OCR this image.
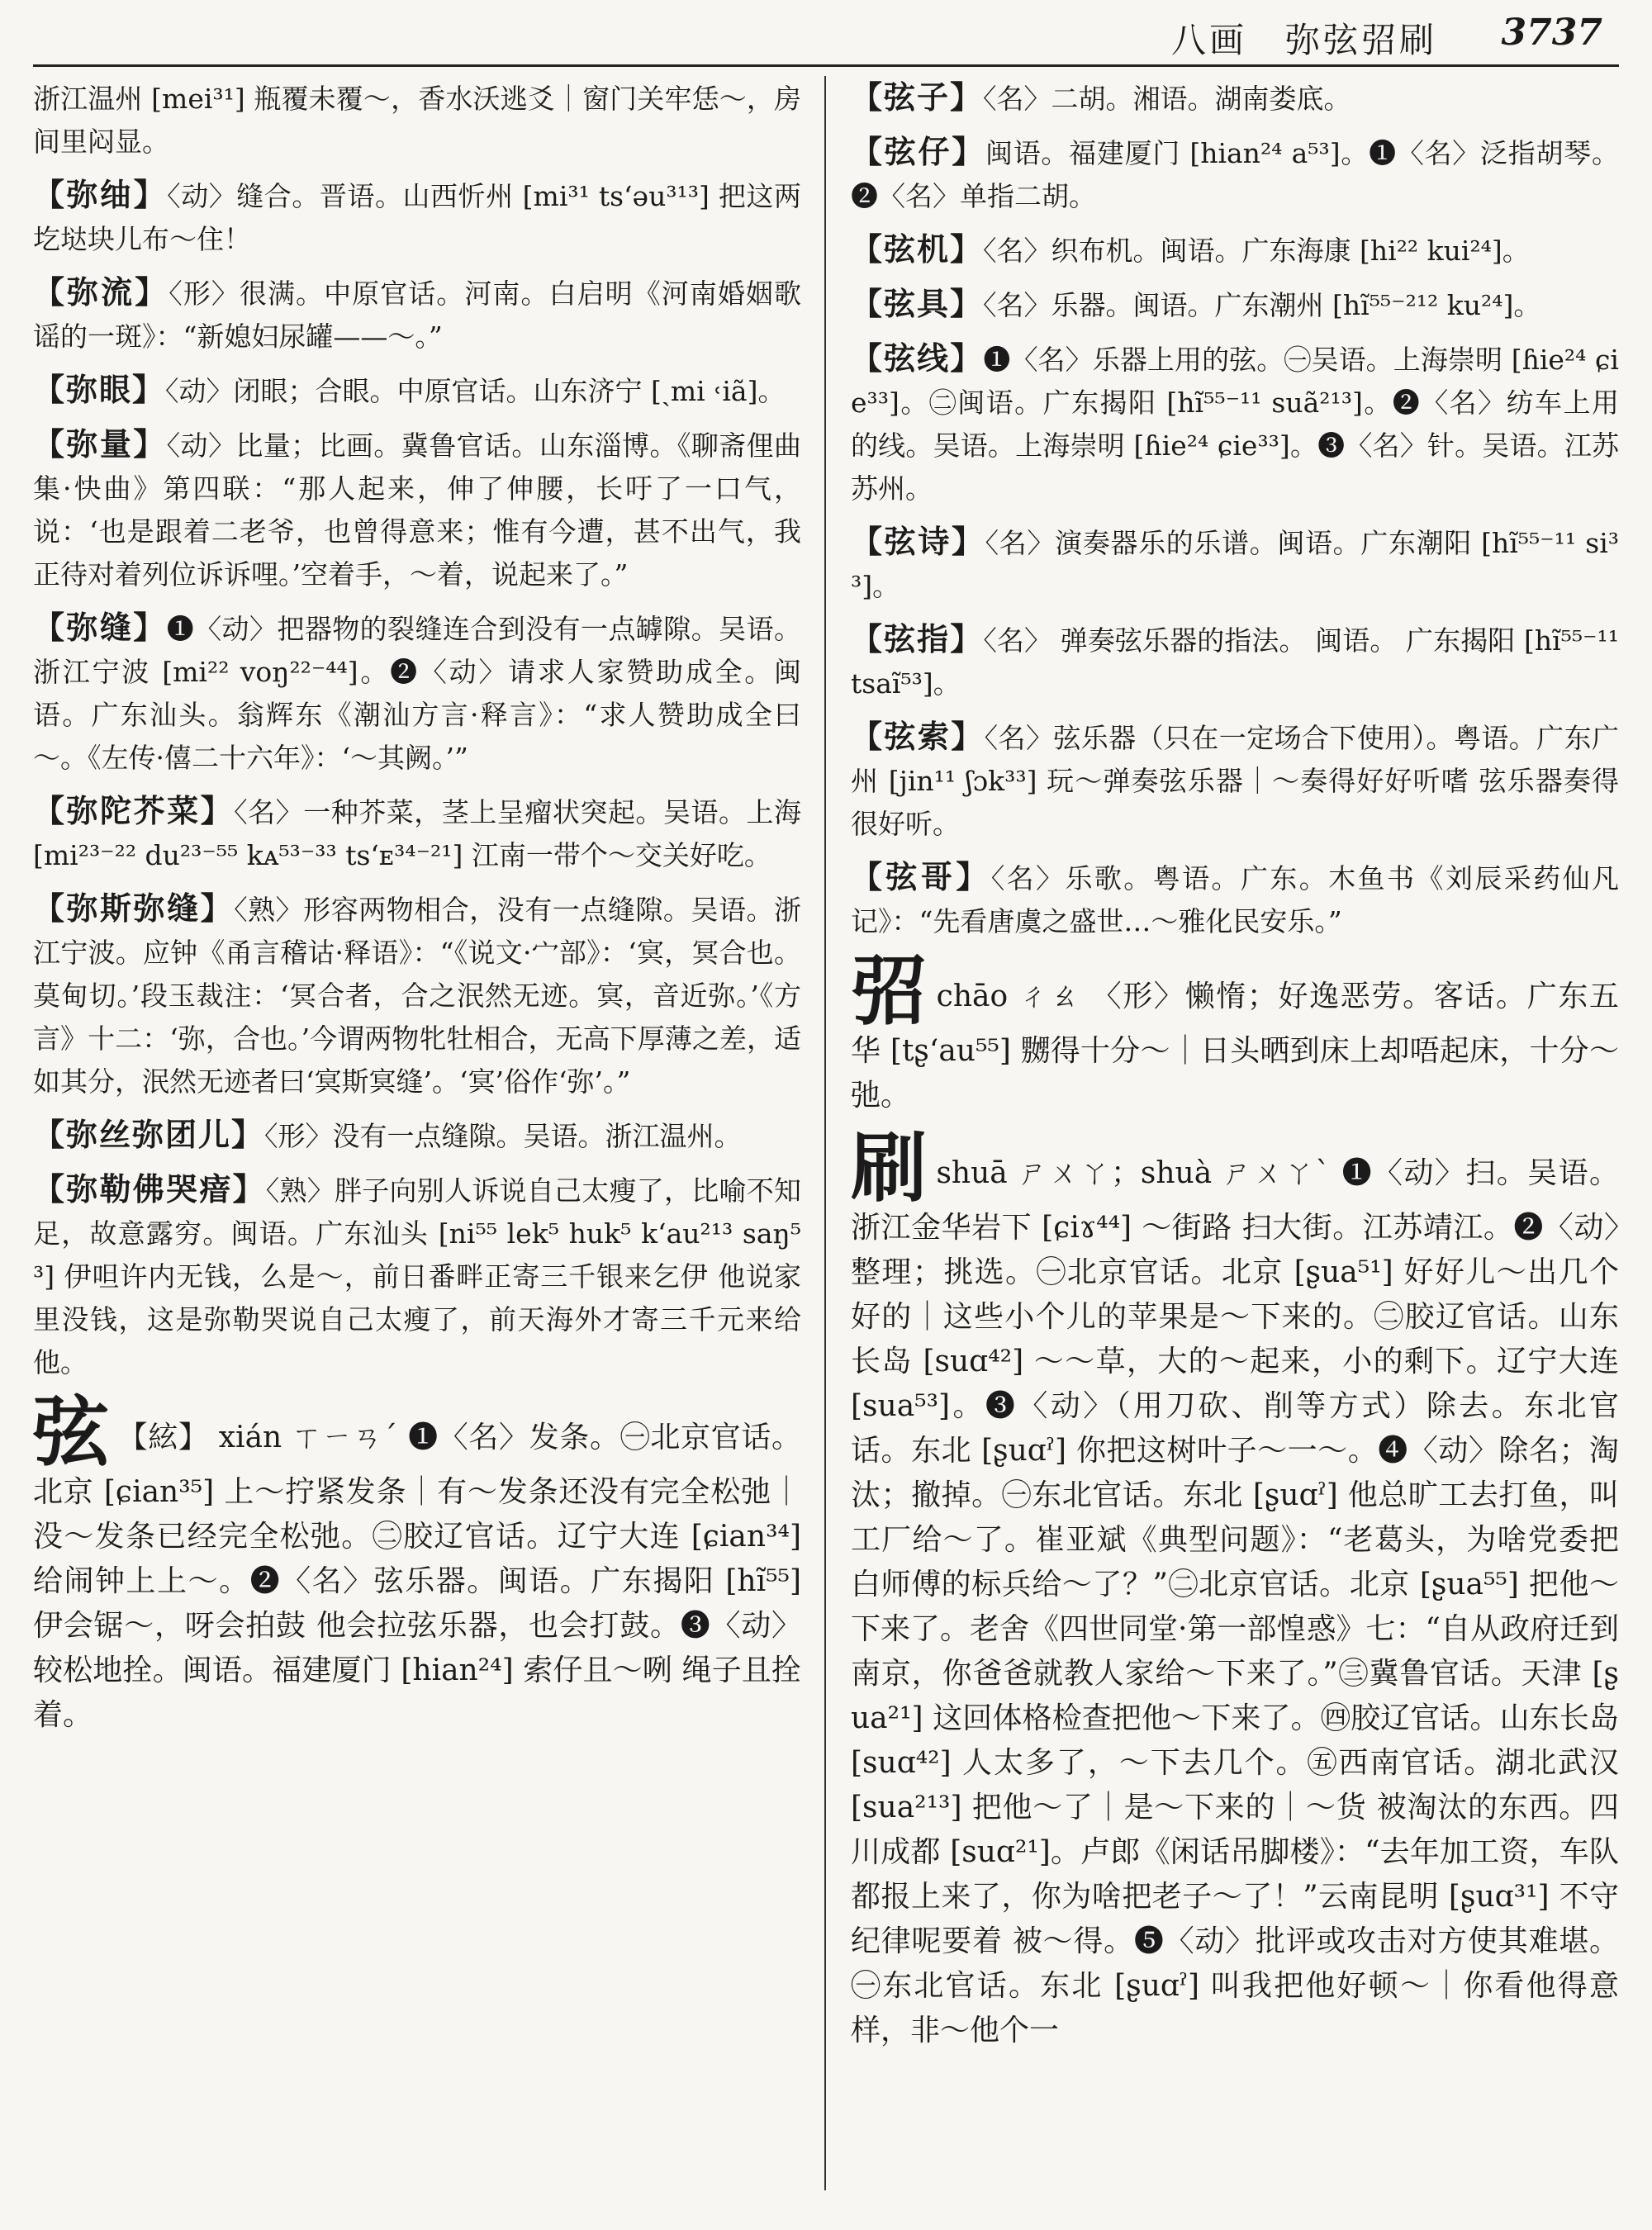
八画　弥弦弨刷 3737

浙江温州 [mei³¹] 瓶覆未覆～，香水沃逃爻｜窗门关牢恁～，房间里闷显。

【弥䌷】〈动〉缝合。晋语。山西忻州 [mi³¹ tsʻəu³¹³] 把这两圪垯块儿布～住！

【弥流】〈形〉很满。中原官话。河南。白启明《河南婚姻歌谣的一斑》：“新媳妇尿罐——～。”

【弥眼】〈动〉闭眼；合眼。中原官话。山东济宁 [ˏmi ˓iã]。

【弥量】〈动〉比量；比画。冀鲁官话。山东淄博。《聊斋俚曲集·快曲》第四联：“那人起来，伸了伸腰，长吁了一口气，说：‘也是跟着二老爷，也曾得意来；惟有今遭，甚不出气，我正待对着列位诉诉哩。’空着手，～着，说起来了。”

【弥缝】❶〈动〉把器物的裂缝连合到没有一点罅隙。吴语。浙江宁波 [mi²² voŋ²²⁻⁴⁴]。❷〈动〉请求人家赞助成全。闽语。广东汕头。翁辉东《潮汕方言·释言》：“求人赞助成全曰～。《左传·僖二十六年》：‘～其阙。’”

【弥陀芥菜】〈名〉一种芥菜，茎上呈瘤状突起。吴语。上海 [mi²³⁻²² du²³⁻⁵⁵ kᴀ⁵³⁻³³ tsʻᴇ³⁴⁻²¹] 江南一带个～交关好吃。

【弥斯弥缝】〈熟〉形容两物相合，没有一点缝隙。吴语。浙江宁波。应钟《甬言稽诂·释语》：“《说文·宀部》：‘㝠，冥合也。莫甸切。’段玉裁注：‘冥合者，合之泯然无迹。㝠，音近弥。’《方言》十二：‘弥，合也。’今谓两物牝牡相合，无高下厚薄之差，适如其分，泯然无迹者曰‘㝠斯㝠缝’。‘㝠’俗作‘弥’。”

【弥丝弥团儿】〈形〉没有一点缝隙。吴语。浙江温州。

【弥勒佛哭瘖】〈熟〉胖子向别人诉说自己太瘦了，比喻不知足，故意露穷。闽语。广东汕头 [ni⁵⁵ lek⁵ huk⁵ kʻau²¹³ saŋ⁵³] 伊呾许内无钱，么是～，前日番畔正寄三千银来乞伊 他说家里没钱，这是弥勒哭说自己太瘦了，前天海外才寄三千元来给他。

弦 【絃】 xián ㄒㄧㄢˊ ❶〈名〉发条。㊀北京官话。北京 [ɕian³⁵] 上～拧紧发条｜有～发条还没有完全松弛｜没～发条已经完全松弛。㊁胶辽官话。辽宁大连 [ɕian³⁴] 给闹钟上上～。❷〈名〉弦乐器。闽语。广东揭阳 [hĩ⁵⁵] 伊会锯～，呀会拍鼓 他会拉弦乐器，也会打鼓。❸〈动〉较松地拴。闽语。福建厦门 [hian²⁴] 索仔且～咧 绳子且拴着。

【弦子】〈名〉二胡。湘语。湖南娄底。

【弦仔】闽语。福建厦门 [hian²⁴ a⁵³]。❶〈名〉泛指胡琴。❷〈名〉单指二胡。

【弦机】〈名〉织布机。闽语。广东海康 [hi²² kui²⁴]。

【弦具】〈名〉乐器。闽语。广东潮州 [hĩ⁵⁵⁻²¹² ku²⁴]。

【弦线】❶〈名〉乐器上用的弦。㊀吴语。上海崇明 [ɦie²⁴ ɕie³³]。㊁闽语。广东揭阳 [hĩ⁵⁵⁻¹¹ suã²¹³]。❷〈名〉纺车上用的线。吴语。上海崇明 [ɦie²⁴ ɕie³³]。❸〈名〉针。吴语。江苏苏州。

【弦诗】〈名〉演奏器乐的乐谱。闽语。广东潮阳 [hĩ⁵⁵⁻¹¹ si³³]。

【弦指】〈名〉 弹奏弦乐器的指法。 闽语。 广东揭阳 [hĩ⁵⁵⁻¹¹ tsaĩ⁵³]。

【弦索】〈名〉弦乐器（只在一定场合下使用）。粤语。广东广州 [jin¹¹ ʃɔk³³] 玩～弹奏弦乐器｜～奏得好好听嗜 弦乐器奏得很好听。

【弦哥】〈名〉乐歌。粤语。广东。木鱼书《刘辰采药仙凡记》：“先看唐虞之盛世…～雅化民安乐。”

弨chāo ㄔㄠ 〈形〉懒惰；好逸恶劳。客话。广东五华 [tʂʻau⁵⁵] 嬲得十分～｜日头晒到床上却唔起床，十分～弛。

刷shuā ㄕㄨㄚ；shuà ㄕㄨㄚˋ ❶〈动〉扫。吴语。浙江金华岩下 [ɕiɤ⁴⁴] ～街路 扫大街。江苏靖江。❷〈动〉整理；挑选。㊀北京官话。北京 [ʂua⁵¹] 好好儿～出几个好的｜这些小个儿的苹果是～下来的。㊁胶辽官话。山东长岛 [suɑ⁴²] ～～草，大的～起来，小的剩下。辽宁大连 [sua⁵³]。❸〈动〉（用刀砍、削等方式）除去。东北官话。东北 [ʂuɑˀ] 你把这树叶子～一～。❹〈动〉除名；淘汰；撤掉。㊀东北官话。东北 [ʂuɑˀ] 他总旷工去打鱼，叫工厂给～了。崔亚斌《典型问题》：“老葛头，为啥党委把白师傅的标兵给～了？”㊁北京官话。北京 [ʂua⁵⁵] 把他～下来了。老舍《四世同堂·第一部惶惑》七：“自从政府迁到南京，你爸爸就教人家给～下来了。”㊂冀鲁官话。天津 [ʂua²¹] 这回体格检查把他～下来了。㊃胶辽官话。山东长岛 [suɑ⁴²] 人太多了，～下去几个。㊄西南官话。湖北武汉 [sua²¹³] 把他～了｜是～下来的｜～货 被淘汰的东西。四川成都 [suɑ²¹]。卢郎《闲话吊脚楼》：“去年加工资，车队都报上来了，你为啥把老子～了！”云南昆明 [ʂuɑ³¹] 不守纪律呢要着 被～得。❺〈动〉批评或攻击对方使其难堪。㊀东北官话。东北 [ʂuɑˀ] 叫我把他好顿～｜你看他得意样，非～他个一
